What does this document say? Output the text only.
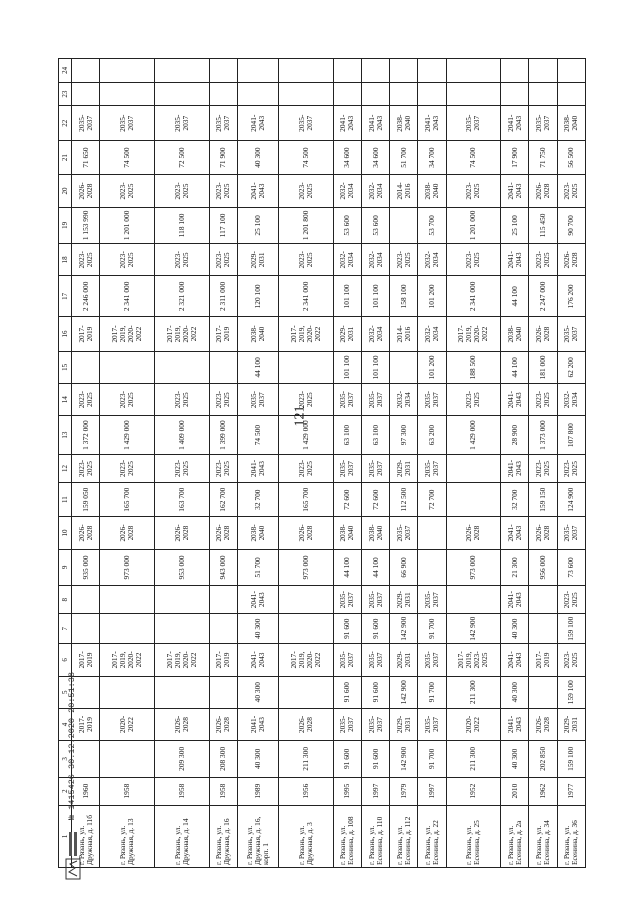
121
1	2	3	4	5	6	7	8	9	10	11	12	13	14	15	16	17	18	19	20	21	22	23	24
г. Рязань, ул. Дружная, д. 11б	1960		2017-
2019		2017-
2019			935 000	2026-
2028	159 050	2023-
2025	1 372 000	2023-
2025		2017-
2019	2 246 000	2023-
2025	1 153 990	2026-
2028	71 650	2035-
2037		
г. Рязань, ул. Дружная, д. 13	1958		2020-
2022		2017-
2019,
2020-
2022			973 000	2026-
2028	165 700	2023-
2025	1 429 000	2023-
2025		2017-
2019,
2020-
2022	2 341 000	2023-
2025	1 201 000	2023-
2025	74 500	2035-
2037		
г. Рязань, ул. Дружная, д. 14	1958	209 300	2026-
2028		2017-
2019,
2020-
2022			953 000	2026-
2028	163 700	2023-
2025	1 409 000	2023-
2025		2017-
2019,
2020-
2022	2 321 000	2023-
2025	118 100	2023-
2025	72 500	2035-
2037		
г. Рязань, ул. Дружная, д. 16	1958	208 300	2026-
2028		2017-
2019			943 000	2026-
2028	162 700	2023-
2025	1 399 000	2023-
2025		2017-
2019	2 311 000	2023-
2025	117 100	2023-
2025	71 900	2035-
2037		
г. Рязань, ул. Дружная, д. 16, корп. 1	1989	40 300	2041-
2043	40 300	2041-
2043	40 300	2041-
2043	51 700	2038-
2040	32 700	2041-
2043	74 500	2035-
2037	44 100	2038-
2040	120 100	2029-
2031	25 100	2041-
2043	40 300	2041-
2043		
г. Рязань, ул. Дружная, д. 3	1956	211 300	2026-
2028		2017-
2019,
2020-
2022			973 000	2026-
2028	165 700	2023-
2025	1 429 000	2023-
2025		2017-
2019,
2020-
2022	2 341 000	2023-
2025	1 201 800	2023-
2025	74 500	2035-
2037		
г. Рязань, ул. Есенина, д. 108	1995	91 600	2035-
2037	91 600	2035-
2037	91 600	2035-
2037	44 100	2038-
2040	72 600	2035-
2037	63 100	2035-
2037	101 100	2029-
2031	101 100	2032-
2034	53 600	2032-
2034	34 600	2041-
2043		
г. Рязань, ул. Есенина, д. 110	1997	91 600	2035-
2037	91 600	2035-
2037	91 600	2035-
2037	44 100	2038-
2040	72 600	2035-
2037	63 100	2035-
2037	101 100	2032-
2034	101 100	2032-
2034	53 600	2032-
2034	34 600	2041-
2043		
г. Рязань, ул. Есенина, д. 112	1979	142 900	2029-
2031	142 900	2029-
2031	142 900	2029-
2031	66 900	2035-
2037	112 500	2029-
2031	97 300	2032-
2034		2014-
2016	158 100	2023-
2025		2014-
2016	51 700	2038-
2040		
г. Рязань, ул. Есенина, д. 22	1997	91 700	2035-
2037	91 700	2035-
2037	91 700	2035-
2037			72 700	2035-
2037	63 200	2035-
2037	101 200	2032-
2034	101 200	2032-
2034	53 700	2038-
2040	34 700	2041-
2043		
г. Рязань, ул. Есенина, д. 25	1952	211 300	2020-
2022	211 300	2017-
2019,
2023-
2025	142 900		973 000	2026-
2028			1 429 000	2023-
2025	188 500	2017-
2019,
2020-
2022	2 341 000	2023-
2025	1 201 000	2023-
2025	74 500	2035-
2037		
г. Рязань, ул. Есенина, д. 2а	2010	40 300	2041-
2043	40 300	2041-
2043	40 300	2041-
2043	21 300	2041-
2043	32 700	2041-
2043	28 900	2041-
2043	44 100	2038-
2040	44 100	2041-
2043	25 100	2041-
2043	17 900	2041-
2043		
г. Рязань, ул. Есенина, д. 34	1962	202 850	2026-
2028		2017-
2019			956 000	2026-
2028	159 150	2023-
2025	1 373 000	2023-
2025	181 000	2026-
2028	2 247 000	2023-
2025	115 450	2026-
2028	71 750	2035-
2037		
г. Рязань, ул. Есенина, д. 36	1977	159 100	2029-
2031	159 100	2023-
2025	159 100	2023-
2025	73 600	2035-
2037	124 900	2023-
2025	107 800	2032-
2034	62 200	2035-
2037	176 200	2026-
2028	90 700	2023-
2025	56 500	2038-
2040		
№ 1415426 30.12.2020 20:51:38
